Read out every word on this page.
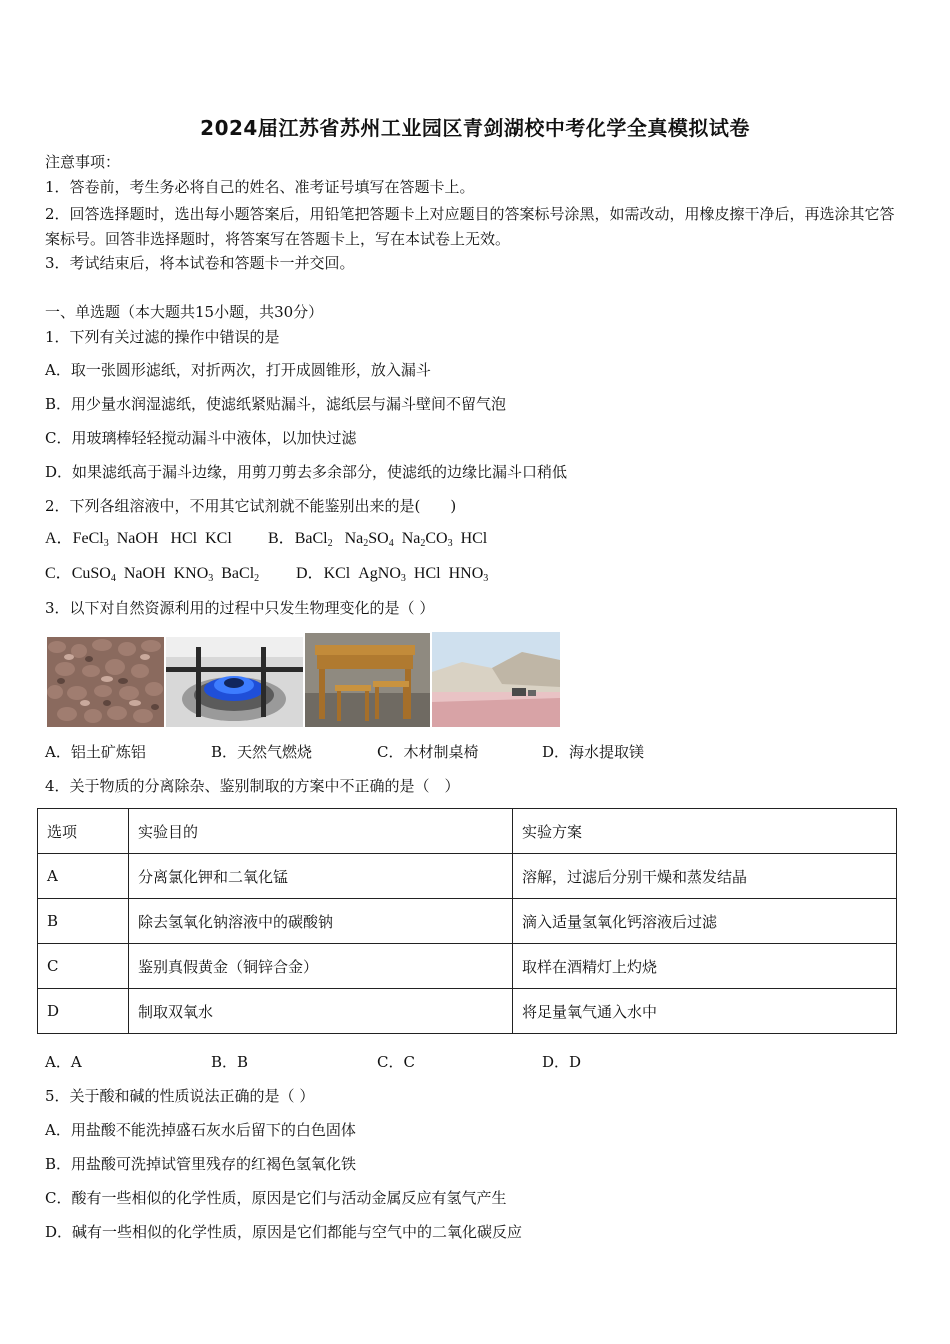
2024届江苏省苏州工业园区青剑湖校中考化学全真模拟试卷
注意事项：
1．答卷前，考生务必将自己的姓名、准考证号填写在答题卡上。
2．回答选择题时，选出每小题答案后，用铅笔把答题卡上对应题目的答案标号涂黑，如需改动，用橡皮擦干净后，再选涂其它答案标号。回答非选择题时，将答案写在答题卡上，写在本试卷上无效。
3．考试结束后，将本试卷和答题卡一并交回。
一、单选题（本大题共15小题，共30分）
1．下列有关过滤的操作中错误的是
A．取一张圆形滤纸，对折两次，打开成圆锥形，放入漏斗
B．用少量水润湿滤纸，使滤纸紧贴漏斗，滤纸层与漏斗壁间不留气泡
C．用玻璃棒轻轻搅动漏斗中液体，以加快过滤
D．如果滤纸高于漏斗边缘，用剪刀剪去多余部分，使滤纸的边缘比漏斗口稍低
2．下列各组溶液中，不用其它试剂就不能鉴别出来的是(　　)
A．FeCl$_3$ NaOH HCl KCl B．BaCl$_2$ $Na_2SO_4$ $Na_2CO_3$ HCl
C．CuSO$_4$ NaOH $KNO_3$ BaCl$_2$ D．KCl AgNO$_3$ HCl $HNO_3$
3．以下对自然资源利用的过程中只发生物理变化的是（ ）
A．铝土矿炼铝	B．天然气燃烧	C．木材制桌椅	D．海水提取镁
4．关于物质的分离除杂、鉴别制取的方案中不正确的是（　）
选项	实验目的	实验方案
A	分离氯化钾和二氧化锰	溶解，过滤后分别干燥和蒸发结晶
B	除去氢氧化钠溶液中的碳酸钠	滴入适量氢氧化钙溶液后过滤
C	鉴别真假黄金（铜锌合金）	取样在酒精灯上灼烧
D	制取双氧水	将足量氧气通入水中
A．A	B．B	C．C	D．D
5．关于酸和碱的性质说法正确的是（ ）
A．用盐酸不能洗掉盛石灰水后留下的白色固体
B．用盐酸可洗掉试管里残存的红褐色氢氧化铁
C．酸有一些相似的化学性质，原因是它们与活动金属反应有氢气产生
D．碱有一些相似的化学性质，原因是它们都能与空气中的二氧化碳反应
